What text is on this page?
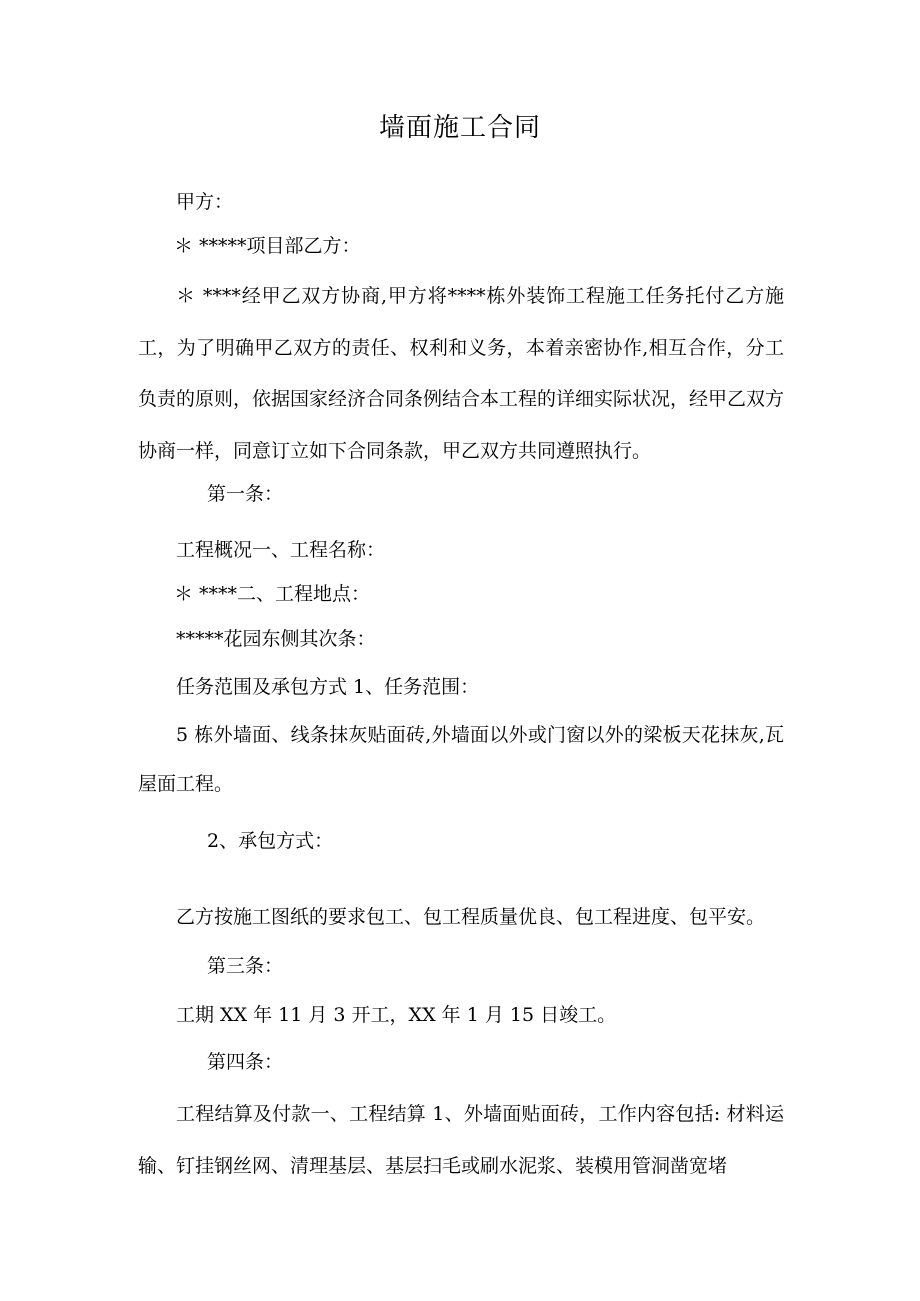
墙面施工合同
甲方：
＊ *****项目部乙方：
＊ ****经甲乙双方协商,甲方将****栋外装饰工程施工任务托付乙方施工，为了明确甲乙双方的责任、权利和义务，本着亲密协作,相互合作，分工负责的原则，依据国家经济合同条例结合本工程的详细实际状况，经甲乙双方协商一样，同意订立如下合同条款，甲乙双方共同遵照执行。
第一条：
工程概况一、工程名称：
＊ ****二、工程地点：
*****花园东侧其次条：
任务范围及承包方式 1、任务范围：
5 栋外墙面、线条抹灰贴面砖,外墙面以外或门窗以外的梁板天花抹灰,瓦屋面工程。
2、承包方式：
乙方按施工图纸的要求包工、包工程质量优良、包工程进度、包平安。
第三条：
工期 XX 年 11 月 3 开工，XX 年 1 月 15 日竣工。
第四条：
工程结算及付款一、工程结算 1、外墙面贴面砖，工作内容包括: 材料运输、钉挂钢丝网、清理基层、基层扫毛或刷水泥浆、装模用管洞凿宽堵
